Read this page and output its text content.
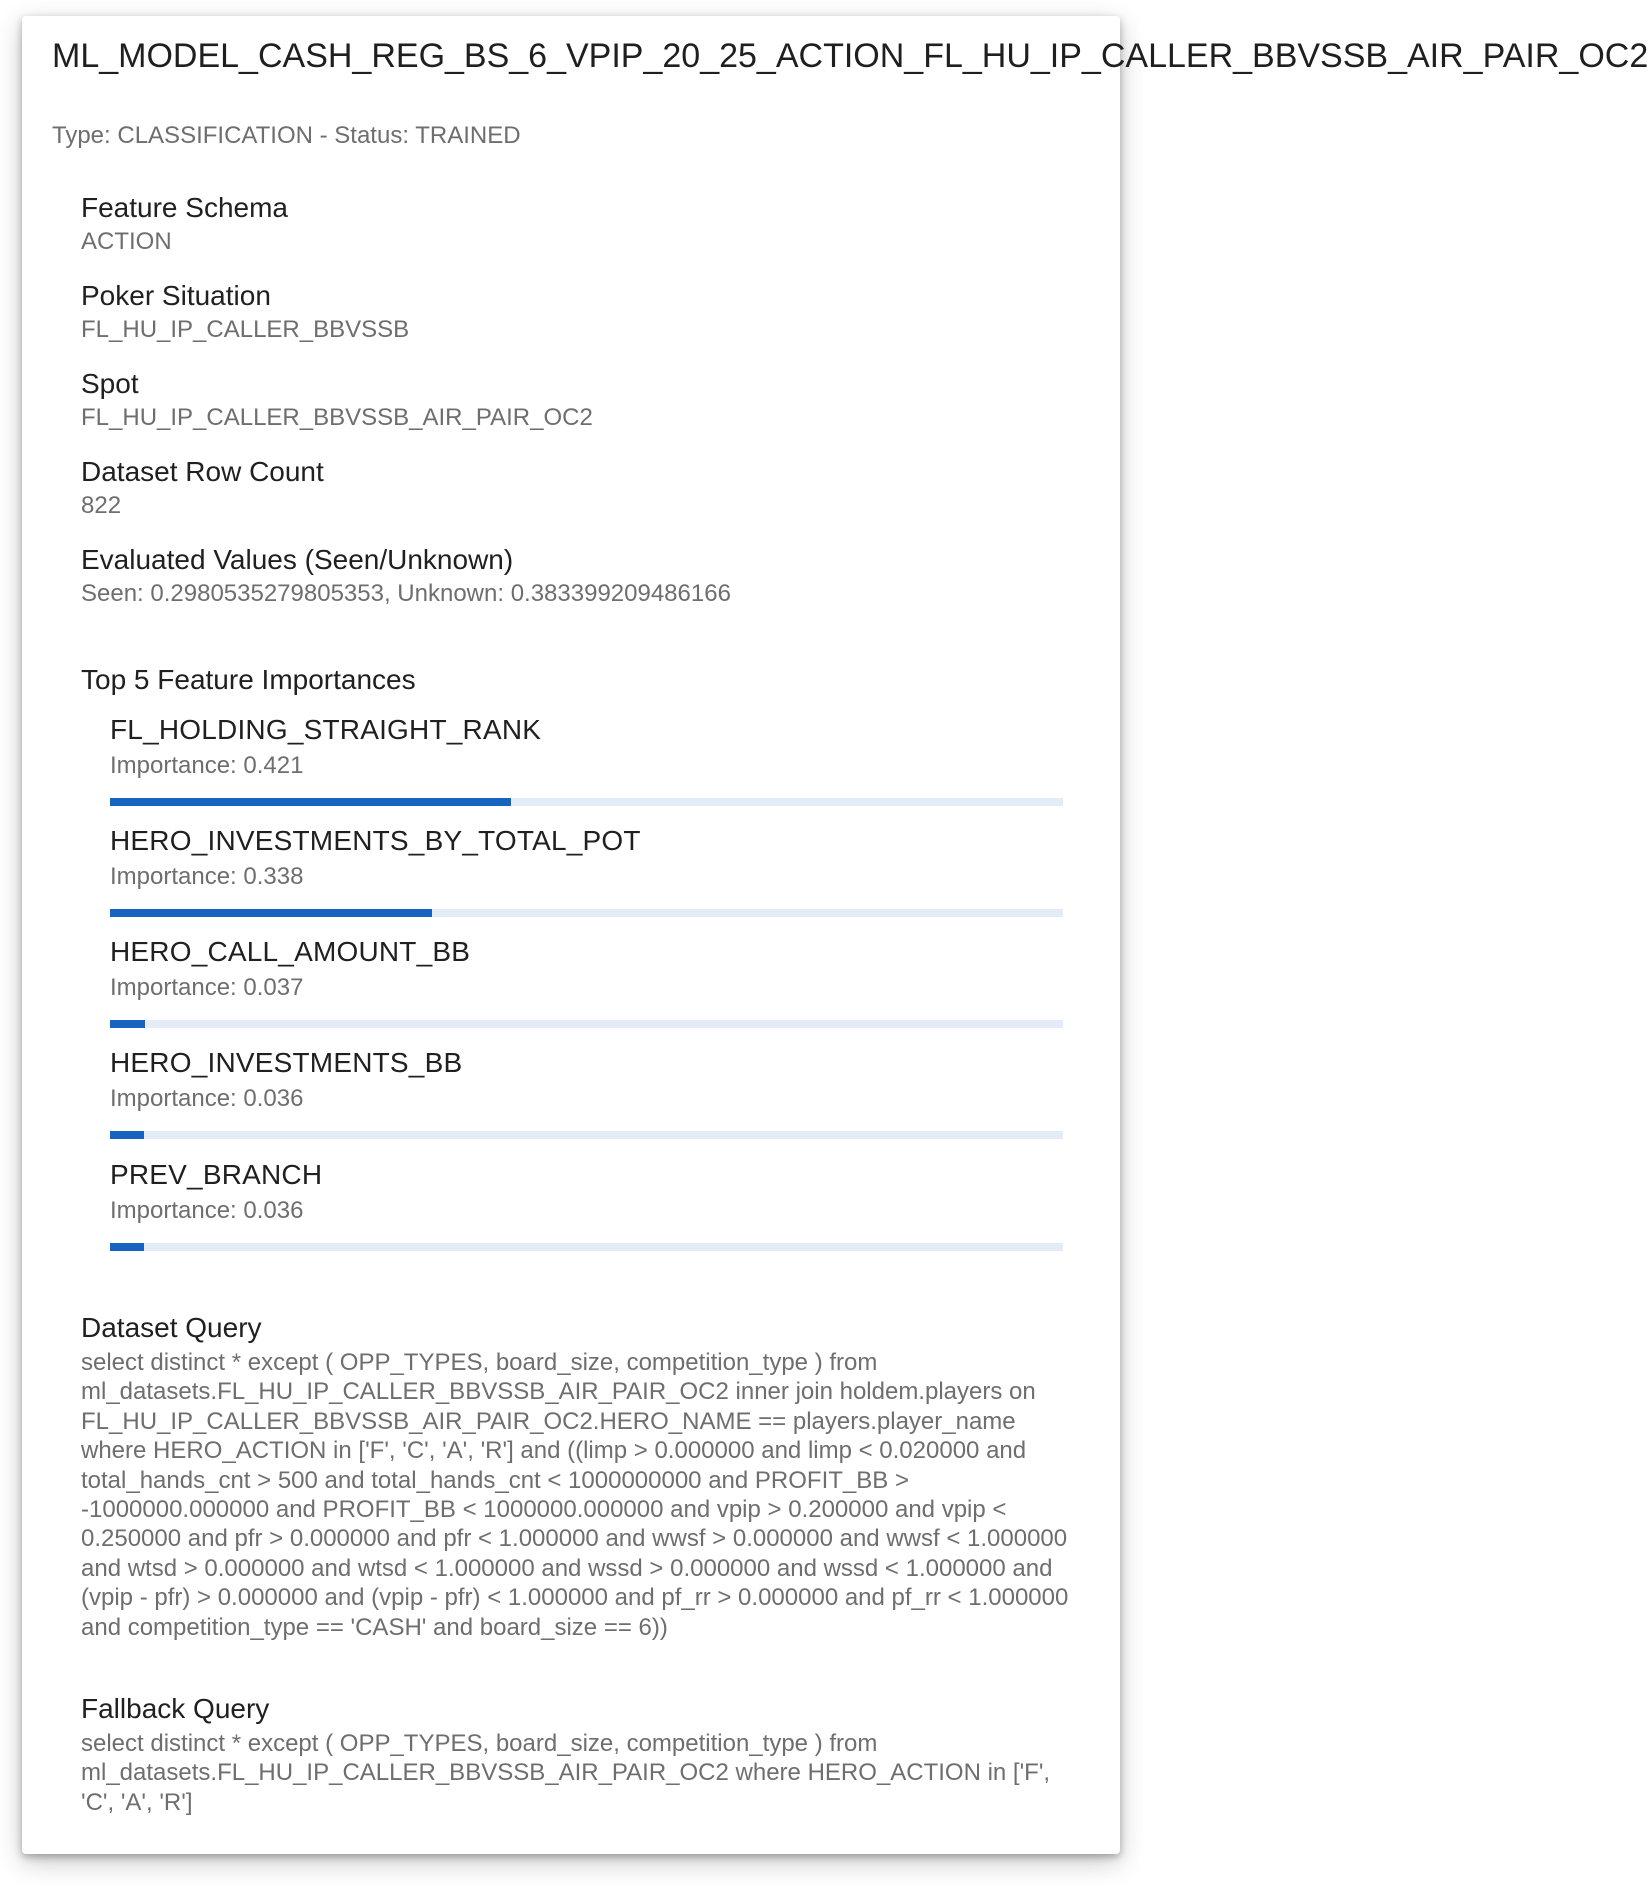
ML_MODEL_CASH_REG_BS_6_VPIP_20_25_ACTION_FL_HU_IP_CALLER_BBVSSB_AIR_PAIR_OC2
Type: CLASSIFICATION - Status: TRAINED
Feature Schema
ACTION
Poker Situation
FL_HU_IP_CALLER_BBVSSB
Spot
FL_HU_IP_CALLER_BBVSSB_AIR_PAIR_OC2
Dataset Row Count
822
Evaluated Values (Seen/Unknown)
Seen: 0.2980535279805353, Unknown: 0.383399209486166
Top 5 Feature Importances
FL_HOLDING_STRAIGHT_RANK
Importance: 0.421
HERO_INVESTMENTS_BY_TOTAL_POT
Importance: 0.338
HERO_CALL_AMOUNT_BB
Importance: 0.037
HERO_INVESTMENTS_BB
Importance: 0.036
PREV_BRANCH
Importance: 0.036
Dataset Query
select distinct * except ( OPP_TYPES, board_size, competition_type ) from ml_datasets.FL_HU_IP_CALLER_BBVSSB_AIR_PAIR_OC2 inner join holdem.players on FL_HU_IP_CALLER_BBVSSB_AIR_PAIR_OC2.HERO_NAME == players.player_name where HERO_ACTION in ['F', 'C', 'A', 'R'] and ((limp > 0.000000 and limp < 0.020000 and total_hands_cnt > 500 and total_hands_cnt < 1000000000 and PROFIT_BB > -1000000.000000 and PROFIT_BB < 1000000.000000 and vpip > 0.200000 and vpip < 0.250000 and pfr > 0.000000 and pfr < 1.000000 and wwsf > 0.000000 and wwsf < 1.000000 and wtsd > 0.000000 and wtsd < 1.000000 and wssd > 0.000000 and wssd < 1.000000 and (vpip - pfr) > 0.000000 and (vpip - pfr) < 1.000000 and pf_rr > 0.000000 and pf_rr < 1.000000 and competition_type == 'CASH' and board_size == 6))
Fallback Query
select distinct * except ( OPP_TYPES, board_size, competition_type ) from ml_datasets.FL_HU_IP_CALLER_BBVSSB_AIR_PAIR_OC2 where HERO_ACTION in ['F', 'C', 'A', 'R']
